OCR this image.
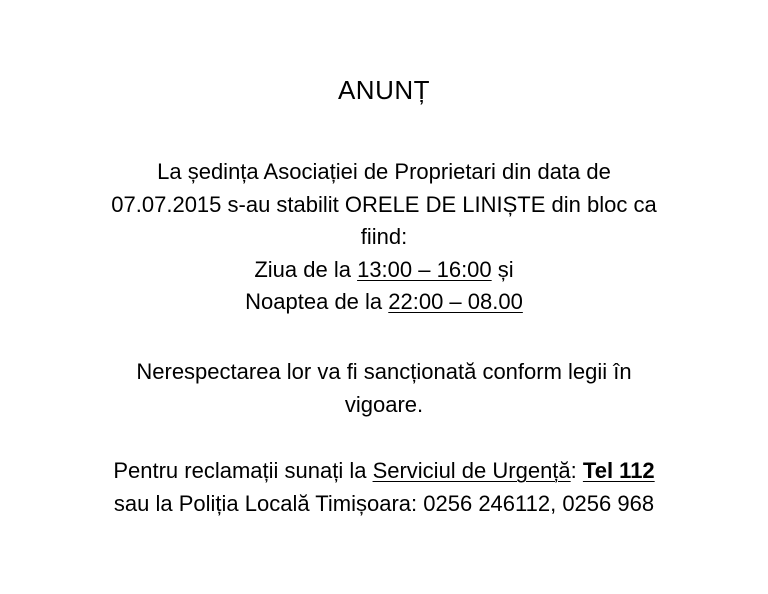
ANUNȚ
La ședința Asociației de Proprietari din data de
07.07.2015 s-au stabilit ORELE DE LINIȘTE din bloc ca
fiind:
Ziua de la 13:00 – 16:00 și
Noaptea de la 22:00 – 08.00
Nerespectarea lor va fi sancționată conform legii în
vigoare.
Pentru reclamații sunați la Serviciul de Urgență: Tel 112
sau la Poliția Locală Timișoara: 0256 246112, 0256 968
